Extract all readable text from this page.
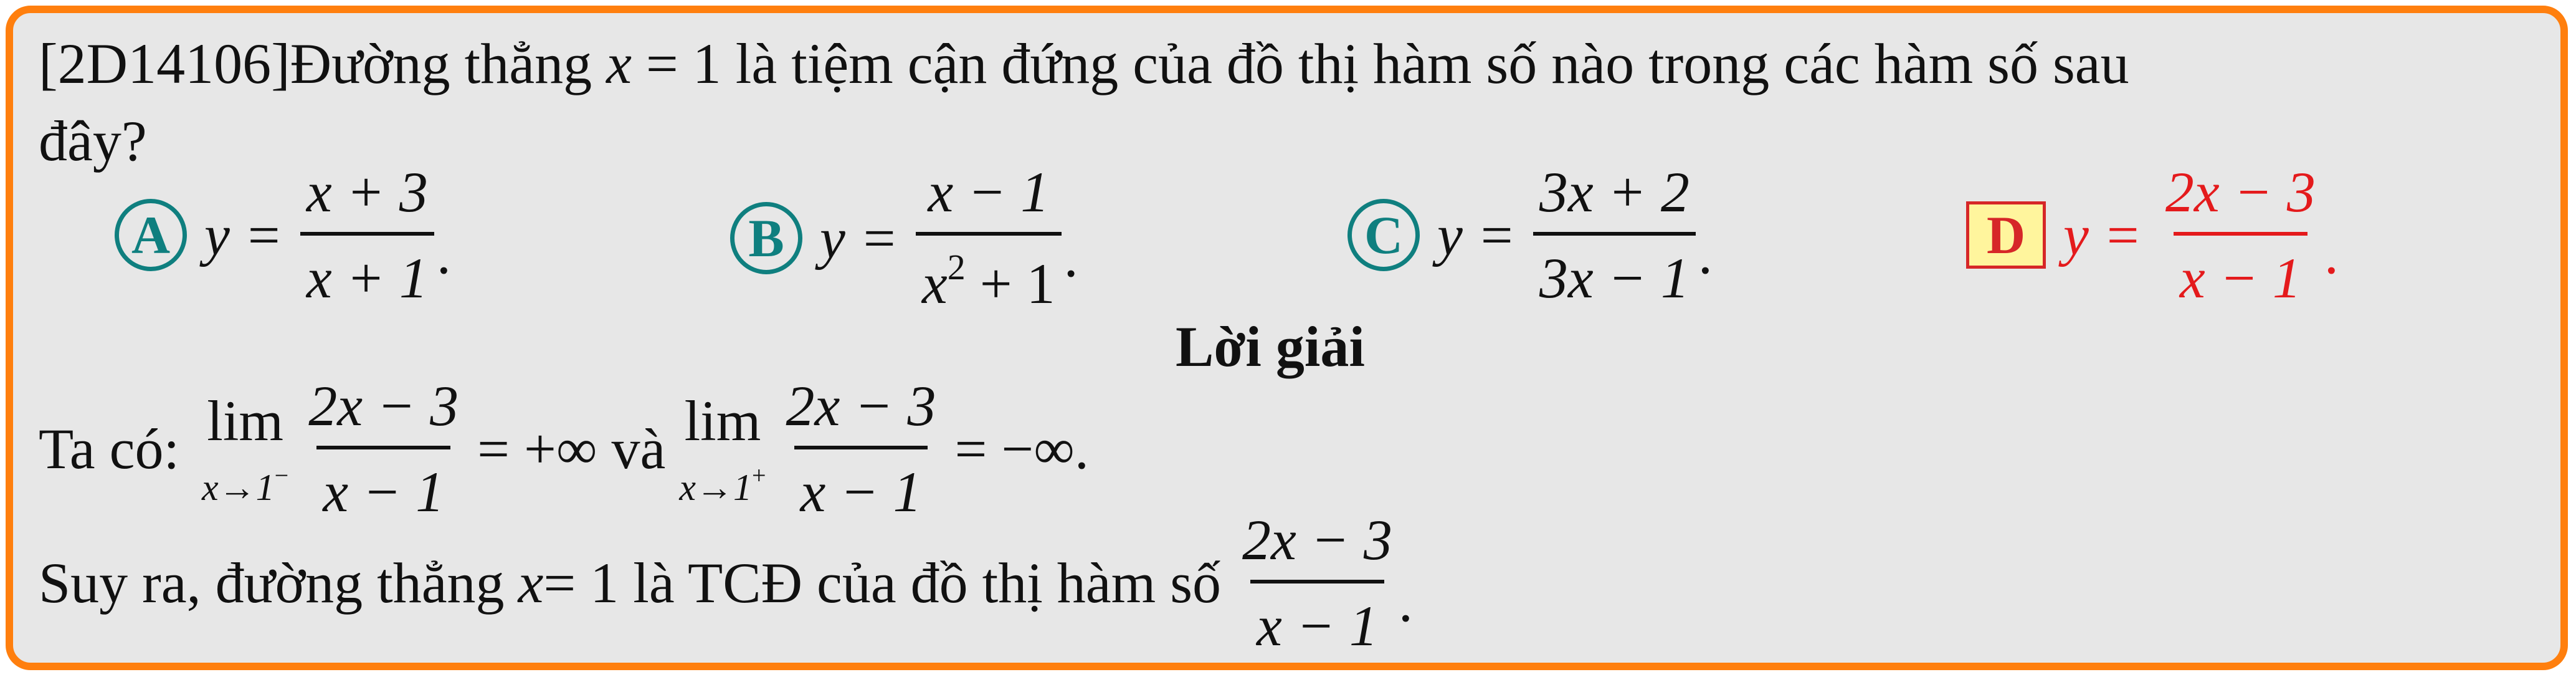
[2D14106]Đường thẳng x = 1 là tiệm cận đứng của đồ thị hàm số nào trong các hàm số sau
đây?
A $y = \frac{x + 3}{x + 1}$ .	B $y = \frac{x - 1}{x^2 + 1}$ .	C $y = \frac{3x + 2}{3x - 1}$ .	D $y = \frac{2x - 3}{x - 1}$ .
Lời giải
Ta có: lim
$x\to 1^- \frac{2x - 3}{x - 1}$ = +∞ và lim
$x\to 1^+ \frac{2x - 3}{x - 1}$ = −∞.
Suy ra, đường thẳng x = 1 là TCĐ của đồ thị hàm số $\frac{2x - 3}{x - 1}$ .
